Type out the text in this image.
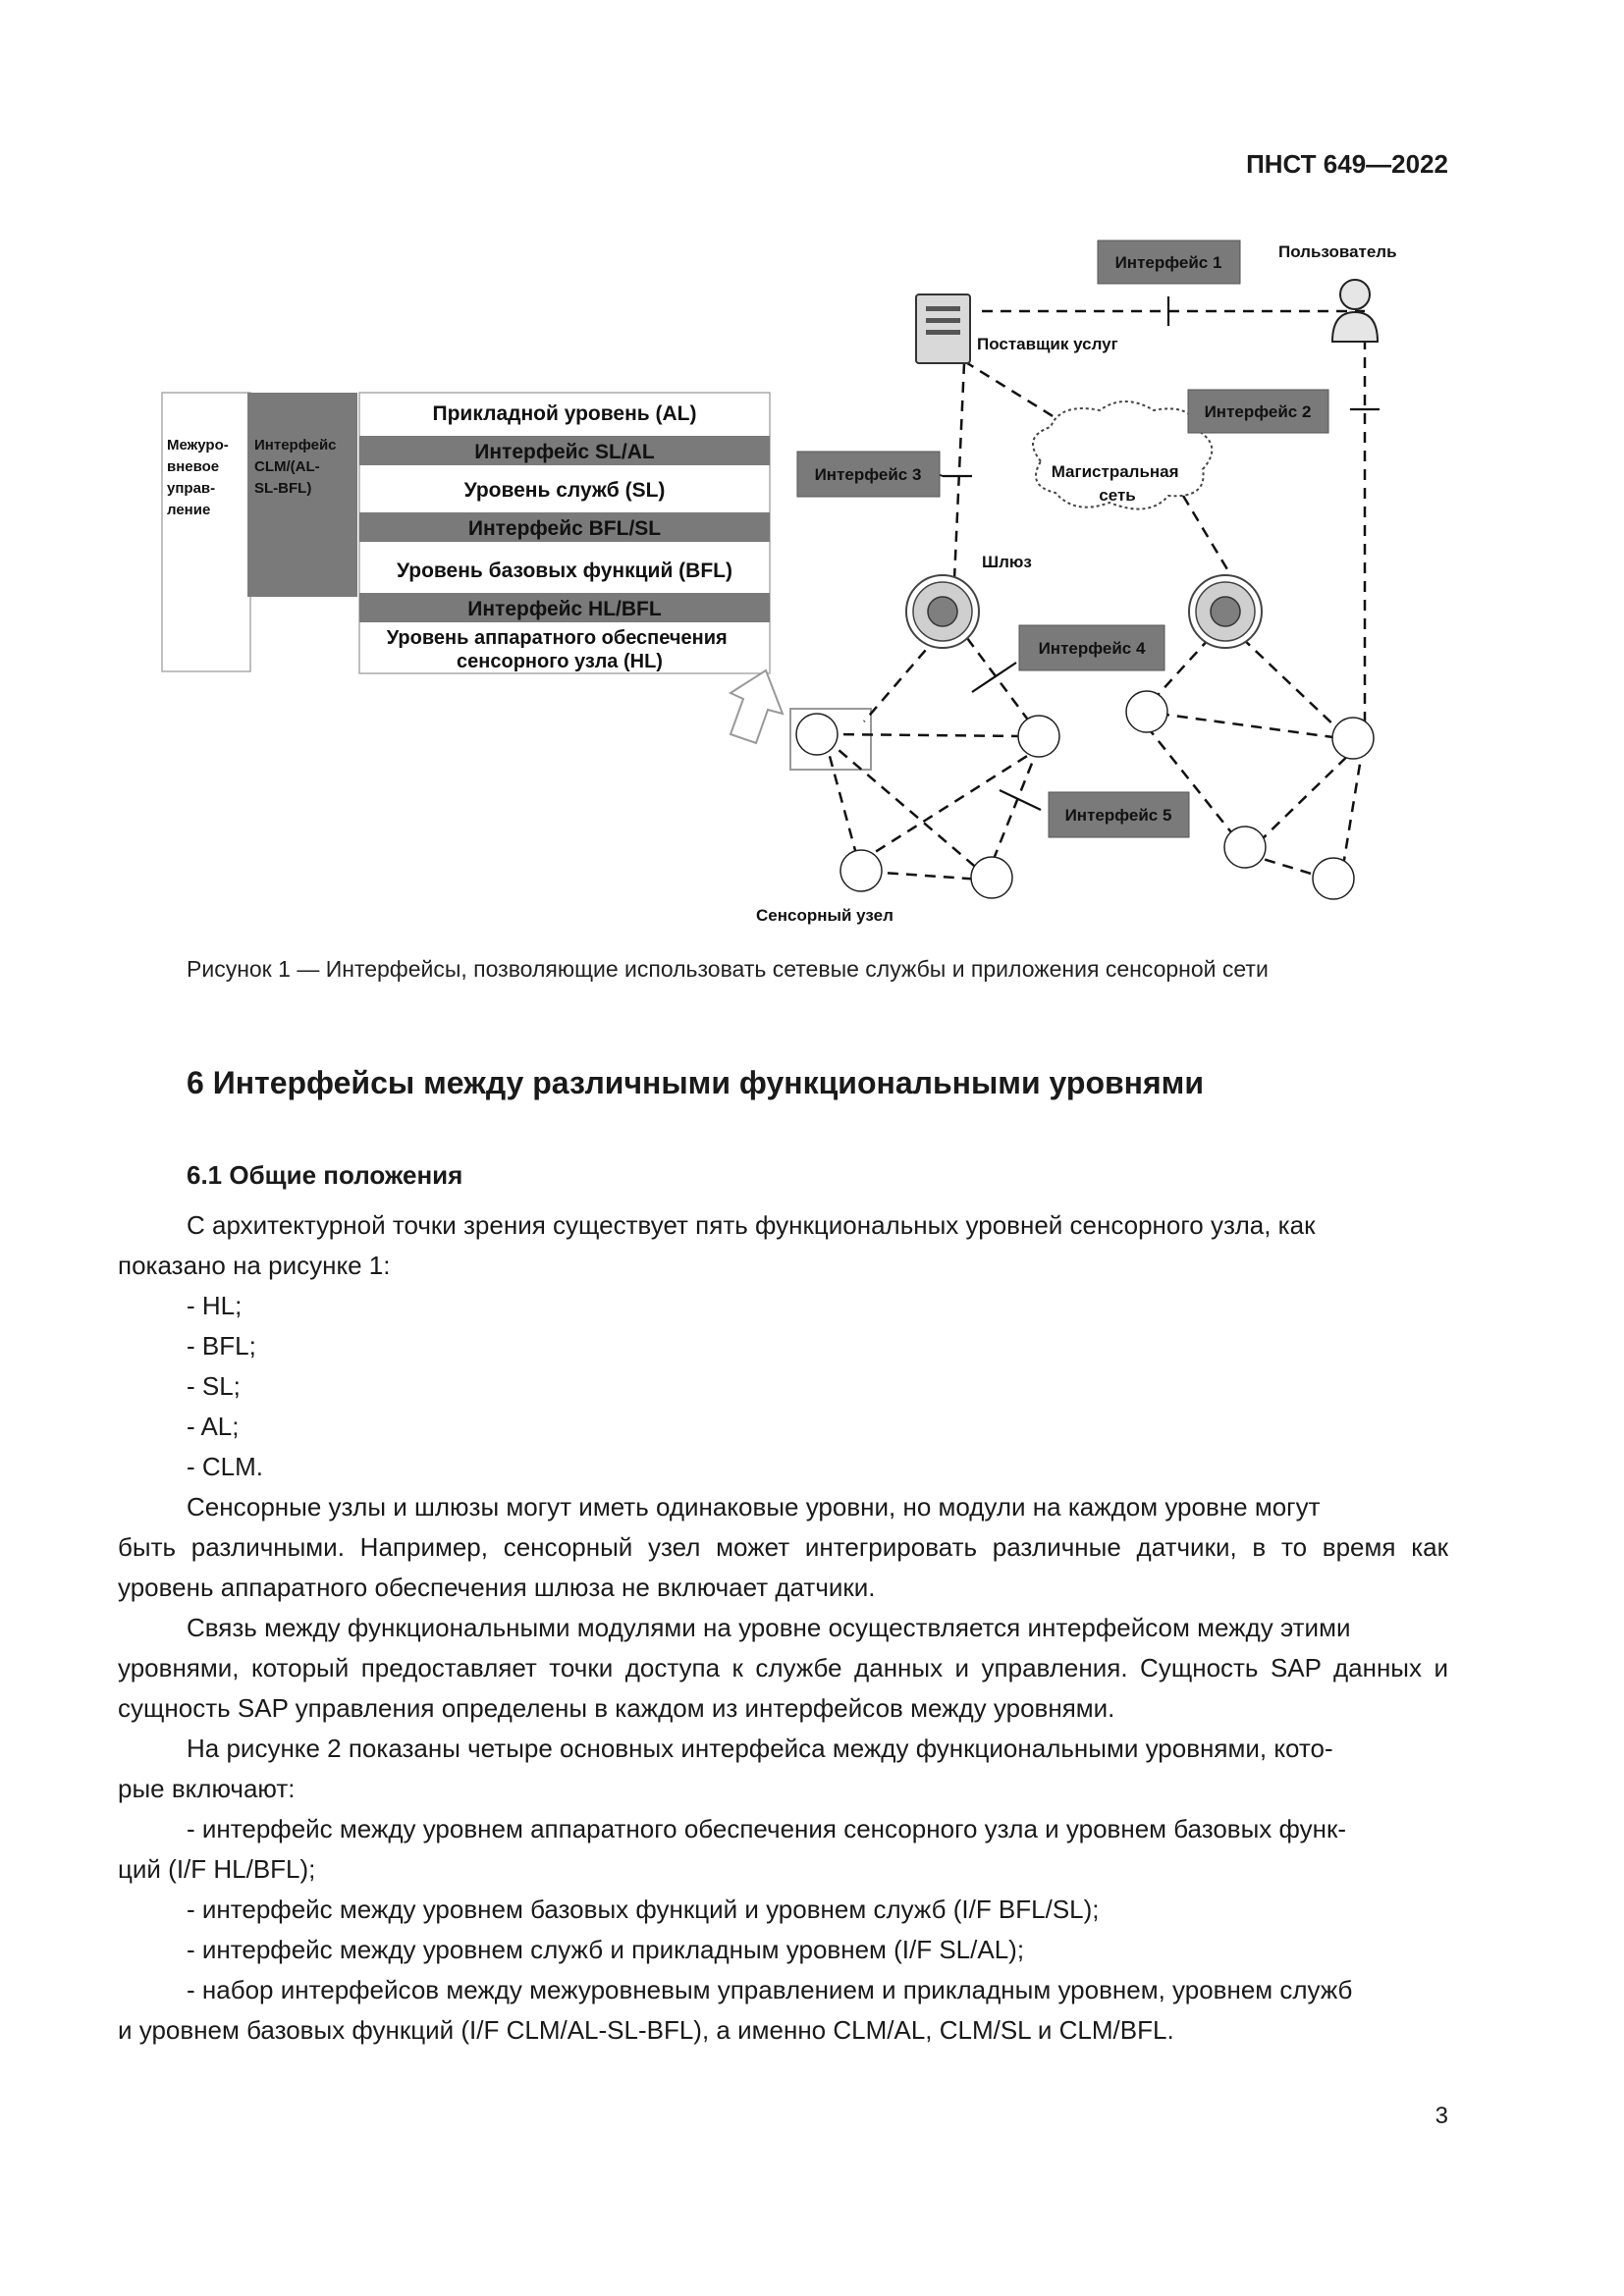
ПНСТ 649—2022
Межуро- вневое управ- ление
Интерфейс CLM/(AL- SL-BFL)
Прикладной уровень (AL)
Интерфейс SL/AL
Уровень служб (SL)
Интерфейс BFL/SL
Уровень базовых функций (BFL)
Интерфейс HL/BFL
Уровень аппаратного обеспечения сенсорного узла (HL)
Поставщик услуг
Пользователь
Магистральная сеть
Шлюз
Сенсорный узел
Интерфейс 1
Интерфейс 2
Интерфейс 3
Интерфейс 4
Интерфейс 5
Рисунок 1 — Интерфейсы, позволяющие использовать сетевые службы и приложения сенсорной сети
6 Интерфейсы между различными функциональными уровнями
6.1 Общие положения
С архитектурной точки зрения существует пять функциональных уровней сенсорного узла, как
показано на рисунке 1:
- HL;
- BFL;
- SL;
- AL;
- CLM.
Сенсорные узлы и шлюзы могут иметь одинаковые уровни, но модули на каждом уровне могут
быть различными. Например, сенсорный узел может интегрировать различные датчики, в то время как уровень аппаратного обеспечения шлюза не включает датчики.
Связь между функциональными модулями на уровне осуществляется интерфейсом между этими
уровнями, который предоставляет точки доступа к службе данных и управления. Сущность SAP данных и сущность SAP управления определены в каждом из интерфейсов между уровнями.
На рисунке 2 показаны четыре основных интерфейса между функциональными уровнями, кото-
рые включают:
- интерфейс между уровнем аппаратного обеспечения сенсорного узла и уровнем базовых функ-
ций (I/F HL/BFL);
- интерфейс между уровнем базовых функций и уровнем служб (I/F BFL/SL);
- интерфейс между уровнем служб и прикладным уровнем (I/F SL/AL);
- набор интерфейсов между межуровневым управлением и прикладным уровнем, уровнем служб
и уровнем базовых функций (I/F CLM/AL-SL-BFL), а именно CLM/AL, CLM/SL и CLM/BFL.
3
